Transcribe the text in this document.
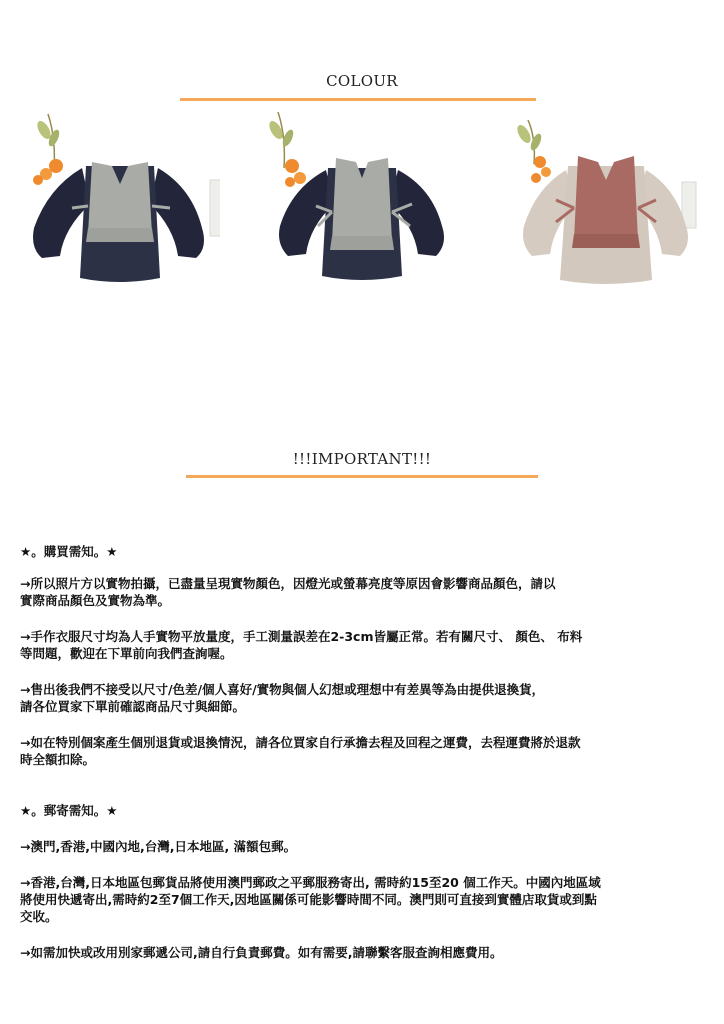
COLOUR
!!!IMPORTANT!!!
★。購買需知。★
→所以照片方以實物拍攝，已盡量呈現實物顏色，因燈光或螢幕亮度等原因會影響商品顏色，請以
實際商品顏色及實物為準。
→手作衣服尺寸均為人手實物平放量度，手工測量誤差在2-3cm皆屬正常。若有關尺寸、 顏色、 布料
等問題，歡迎在下單前向我們查詢喔。
→售出後我們不接受以尺寸/色差/個人喜好/實物與個人幻想或理想中有差異等為由提供退換貨，
請各位買家下單前確認商品尺寸與細節。
→如在特別個案產生個別退貨或退換情況，請各位買家自行承擔去程及回程之運費，去程運費將於退款
時全額扣除。
★。郵寄需知。★
→澳門,香港,中國內地,台灣,日本地區, 滿額包郵。
→香港,台灣,日本地區包郵貨品將使用澳門郵政之平郵服務寄出, 需時約15至20 個工作天。中國內地區域
將使用快遞寄出,需時約2至7個工作天,因地區關係可能影響時間不同。澳門則可直接到實體店取貨或到點
交收。
→如需加快或改用別家郵遞公司,請自行負責郵費。如有需要,請聯繫客服查詢相應費用。
